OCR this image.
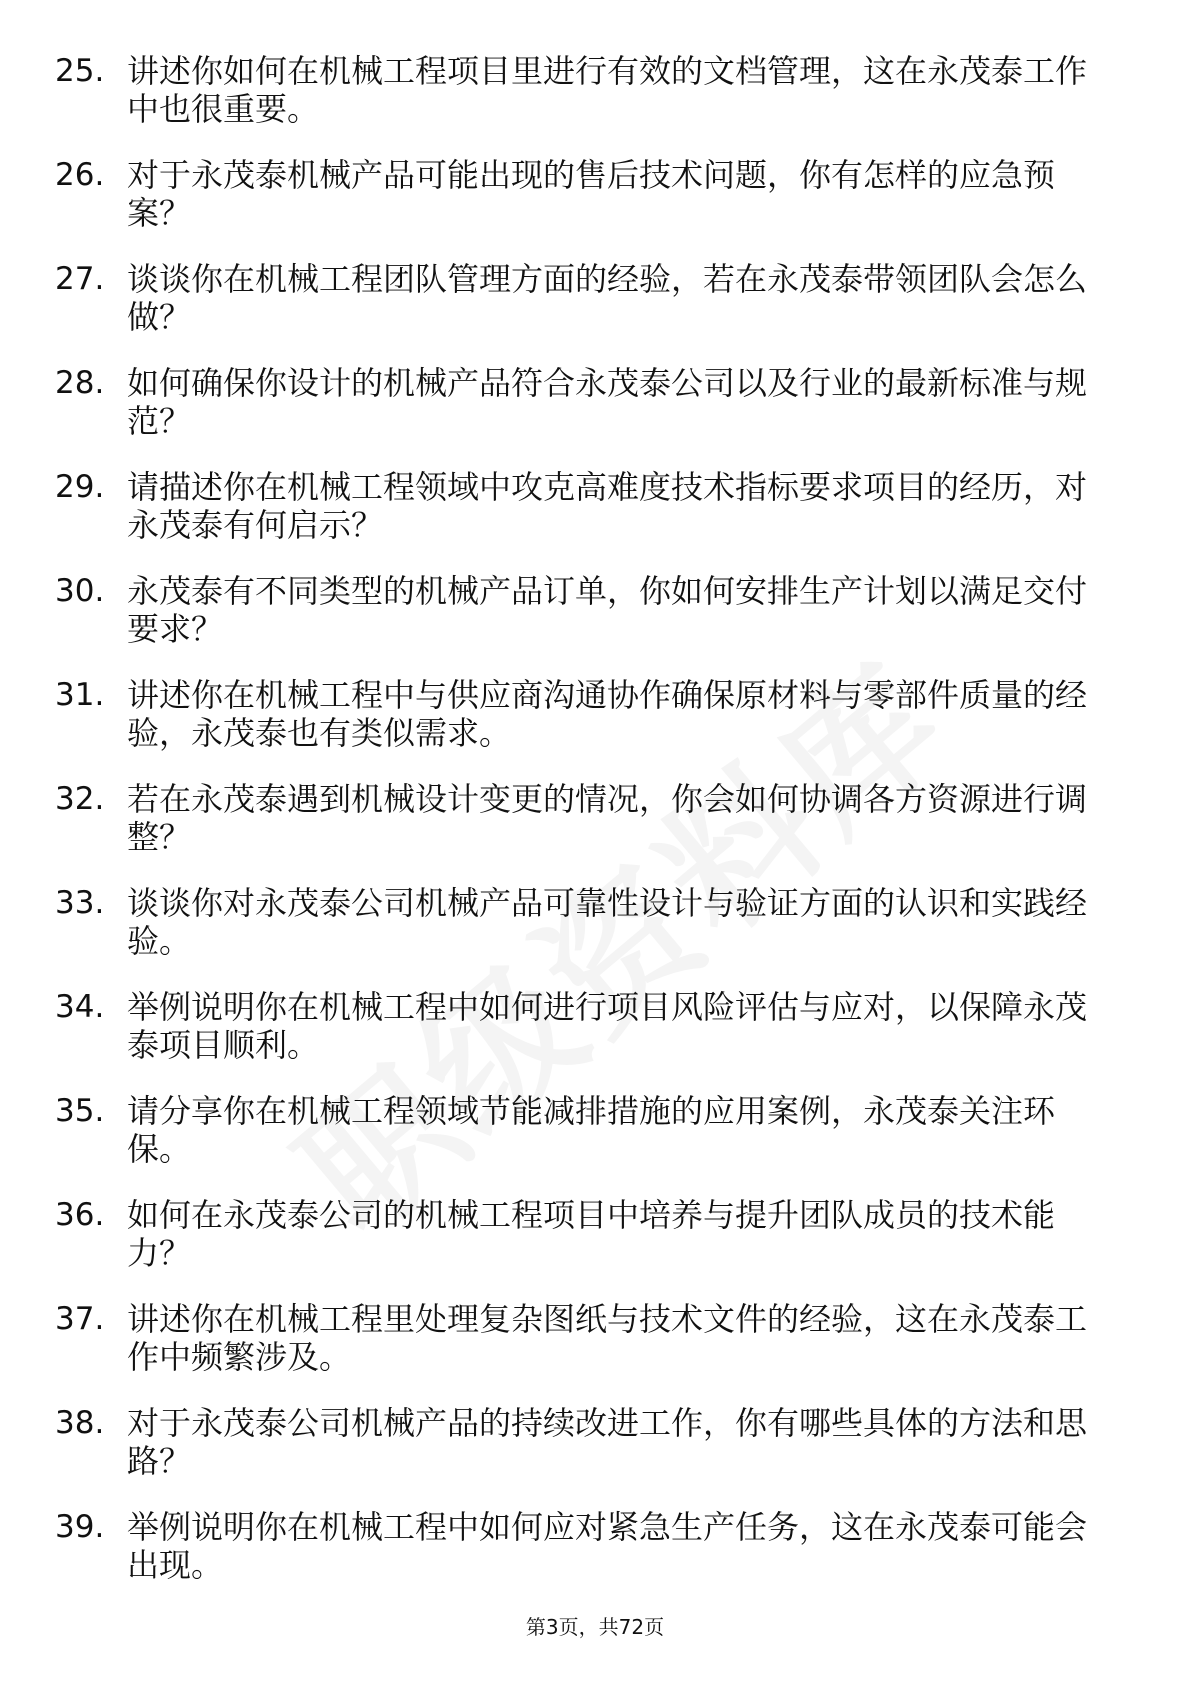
25. 讲述你如何在机械工程项目里进行有效的文档管理，这在永茂泰工作中也很重要。
26. 对于永茂泰机械产品可能出现的售后技术问题，你有怎样的应急预案？
27. 谈谈你在机械工程团队管理方面的经验，若在永茂泰带领团队会怎么做？
28. 如何确保你设计的机械产品符合永茂泰公司以及行业的最新标准与规范？
29. 请描述你在机械工程领域中攻克高难度技术指标要求项目的经历，对永茂泰有何启示？
30. 永茂泰有不同类型的机械产品订单，你如何安排生产计划以满足交付要求？
31. 讲述你在机械工程中与供应商沟通协作确保原材料与零部件质量的经验，永茂泰也有类似需求。
32. 若在永茂泰遇到机械设计变更的情况，你会如何协调各方资源进行调整？
33. 谈谈你对永茂泰公司机械产品可靠性设计与验证方面的认识和实践经验。
34. 举例说明你在机械工程中如何进行项目风险评估与应对，以保障永茂泰项目顺利。
35. 请分享你在机械工程领域节能减排措施的应用案例，永茂泰关注环保。
36. 如何在永茂泰公司的机械工程项目中培养与提升团队成员的技术能力？
37. 讲述你在机械工程里处理复杂图纸与技术文件的经验，这在永茂泰工作中频繁涉及。
38. 对于永茂泰公司机械产品的持续改进工作，你有哪些具体的方法和思路？
39. 举例说明你在机械工程中如何应对紧急生产任务，这在永茂泰可能会出现。
第3页，共72页
